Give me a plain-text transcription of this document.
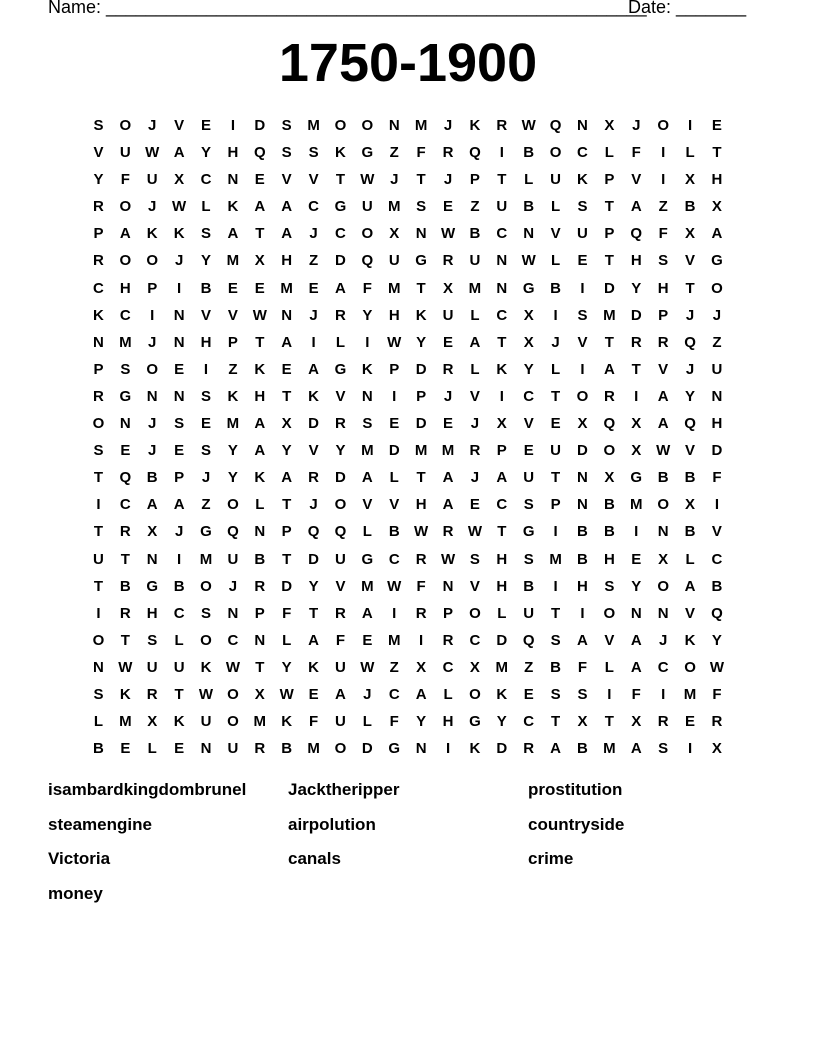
Name: ______________________________________________________
Date: _______
1750-1900
S	O	J	V	E	I	D	S	M O	O	N	M	J	K	R W Q	N	X	J	O	I	E
V	U W A	Y	H	Q	S	S	K	G	Z	F	R	Q	I	B	O	C	L	F	I	L	T
Y	F	U	X	C	N	E	V	V	T	W	J	T	J	P	T	L	U	K	P	V	I	X	H
R	O	J	W	L	K	A	A	C	G	U	M	S	E	Z	U	B	L	S	T	A	Z	B	X
P	A	K	K	S	A	T	A	J	C	O	X	N W B	C	N	V	U	P	Q	F	X	A
R	O	O	J	Y	M	X	H	Z	D	Q	U	G	R	U	N W	L	E	T	H	S	V	G
C	H	P	I	B	E	E	M	E	A	F	M	T	X	M	N	G	B	I	D	Y	H	T	O
K	C	I	N	V	V W N	J	R	Y	H	K	U	L	C	X	I	S	M	D	P	J	J
N	M	J	N	H	P	T	A	I	L	I	W Y	E	A	T	X	J	V	T	R	R	Q	Z
P	S	O	E	I	Z	K	E	A	G	K	P	D	R	L	K	Y	L	I	A	T	V	J	U
R	G	N	N	S	K	H	T	K	V	N	I	P	J	V	I	C	T	O	R	I	A	Y	N
O	N	J	S	E	M	A	X	D	R	S	E	D	E	J	X	V	E	X	Q	X	A	Q	H
S	E	J	E	S	Y	A	Y	V	Y	M	D	M M	R	P	E	U	D	O	X W V	D
T	Q	B	P	J	Y	K	A	R	D	A	L	T	A	J	A	U	T	N	X	G	B	B	F
I	C	A	A	Z	O	L	T	J	O	V	V	H	A	E	C	S	P	N	B	M O	X	I
T	R	X	J	G	Q	N	P	Q	Q	L	B W R W	T	G	I	B	B	I	N	B	V
U	T	N	I	M	U	B	T	D	U	G	C	R W S	H	S	M	B	H	E	X	L	C
T	B	G	B	O	J	R	D	Y	V	M W	F	N	V	H	B	I	H	S	Y	O	A	B
I	R	H	C	S	N	P	F	T	R	A	I	R	P	O	L	U	T	I	O	N	N	V	Q
O	T	S	L	O	C	N	L	A	F	E	M	I	R	C	D	Q	S	A	V	A	J	K	Y
N W U	U	K W	T	Y	K	U W	Z	X	C	X	M	Z	B	F	L	A	C	O W
S	K	R	T	W O	X W E	A	J	C	A	L	O	K	E	S	S	I	F	I	M	F
L	M	X	K	U	O M	K	F	U	L	F	Y	H	G	Y	C	T	X	T	X	R	E	R
B	E	L	E	N	U	R	B	M O	D	G	N	I	K	D	R	A	B	M	A	S	I	X
isambardkingdombrunel	Jacktheripper	prostitution
steamengine	airpolution	countryside
Victoria	canals	crime
money
